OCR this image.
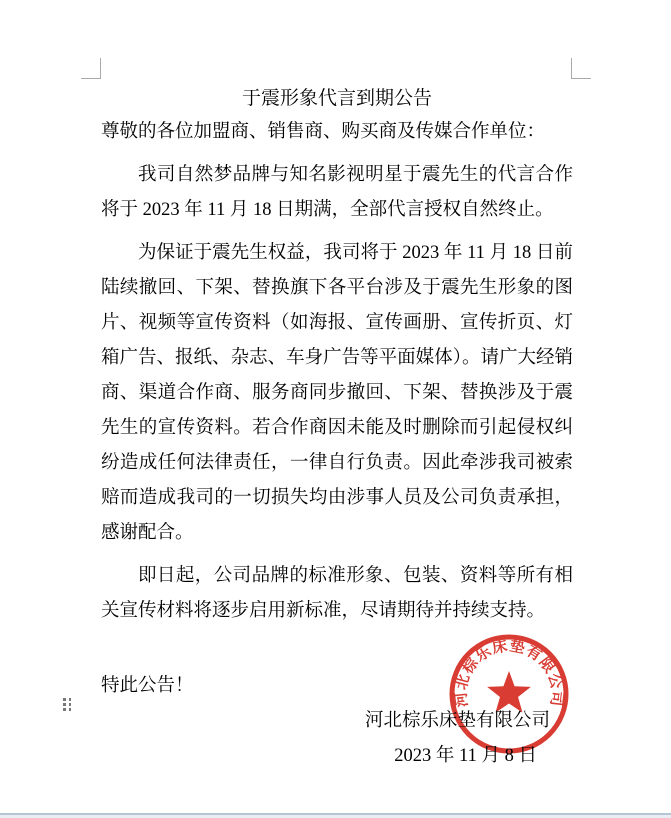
于震形象代言到期公告

尊敬的各位加盟商、销售商、购买商及传媒合作单位：

我司自然梦品牌与知名影视明星于震先生的代言合作将于 2023 年 11 月 18 日期满，全部代言授权自然终止。

为保证于震先生权益，我司将于 2023 年 11 月 18 日前陆续撤回、下架、替换旗下各平台涉及于震先生形象的图片、视频等宣传资料（如海报、宣传画册、宣传折页、灯箱广告、报纸、杂志、车身广告等平面媒体）。请广大经销商、渠道合作商、服务商同步撤回、下架、替换涉及于震先生的宣传资料。若合作商因未能及时删除而引起侵权纠纷造成任何法律责任，一律自行负责。因此牵涉我司被索赔而造成我司的一切损失均由涉事人员及公司负责承担，感谢配合。

即日起，公司品牌的标准形象、包装、资料等所有相关宣传材料将逐步启用新标准，尽请期待并持续支持。

特此公告！

河北棕乐床垫有限公司

2023 年 11 月 8 日

河北棕乐床垫有限公司
